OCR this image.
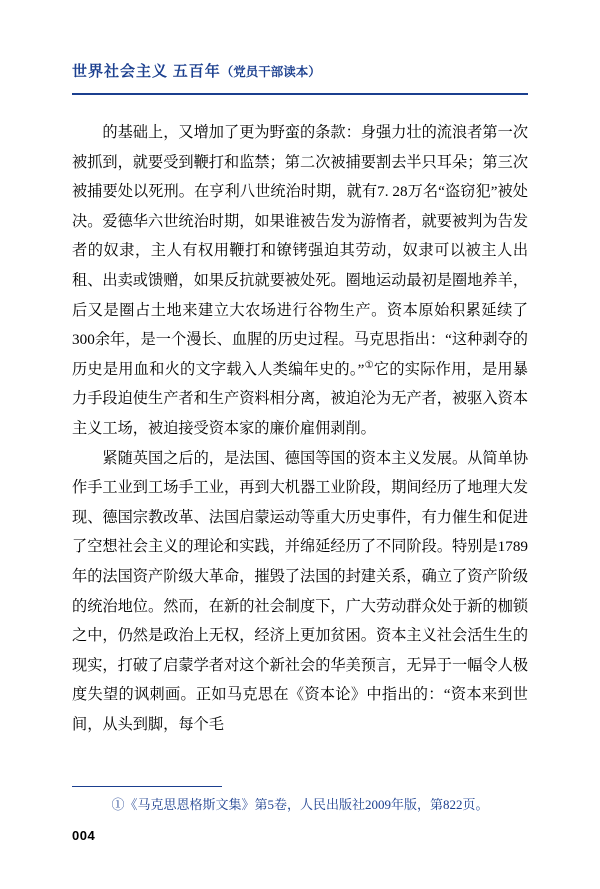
世界社会主义 五百年（党员干部读本）

的基础上，又增加了更为野蛮的条款：身强力壮的流浪者第一次被抓到，就要受到鞭打和监禁；第二次被捕要割去半只耳朵；第三次被捕要处以死刑。在亨利八世统治时期，就有7. 28万名“盗窃犯”被处决。爱德华六世统治时期，如果谁被告发为游惰者，就要被判为告发者的奴隶，主人有权用鞭打和镣铐强迫其劳动，奴隶可以被主人出租、出卖或馈赠，如果反抗就要被处死。圈地运动最初是圈地养羊，后又是圈占土地来建立大农场进行谷物生产。资本原始积累延续了300余年，是一个漫长、血腥的历史过程。马克思指出：“这种剥夺的历史是用血和火的文字载入人类编年史的。”①它的实际作用，是用暴力手段迫使生产者和生产资料相分离，被迫沦为无产者，被驱入资本主义工场，被迫接受资本家的廉价雇佣剥削。

紧随英国之后的，是法国、德国等国的资本主义发展。从简单协作手工业到工场手工业，再到大机器工业阶段，期间经历了地理大发现、德国宗教改革、法国启蒙运动等重大历史事件，有力催生和促进了空想社会主义的理论和实践，并绵延经历了不同阶段。特别是1789年的法国资产阶级大革命，摧毁了法国的封建关系，确立了资产阶级的统治地位。然而，在新的社会制度下，广大劳动群众处于新的枷锁之中，仍然是政治上无权，经济上更加贫困。资本主义社会活生生的现实，打破了启蒙学者对这个新社会的华美预言，无异于一幅令人极度失望的讽刺画。正如马克思在《资本论》中指出的：“资本来到世间，从头到脚，每个毛

①《马克思恩格斯文集》第5卷，人民出版社2009年版，第822页。
004
